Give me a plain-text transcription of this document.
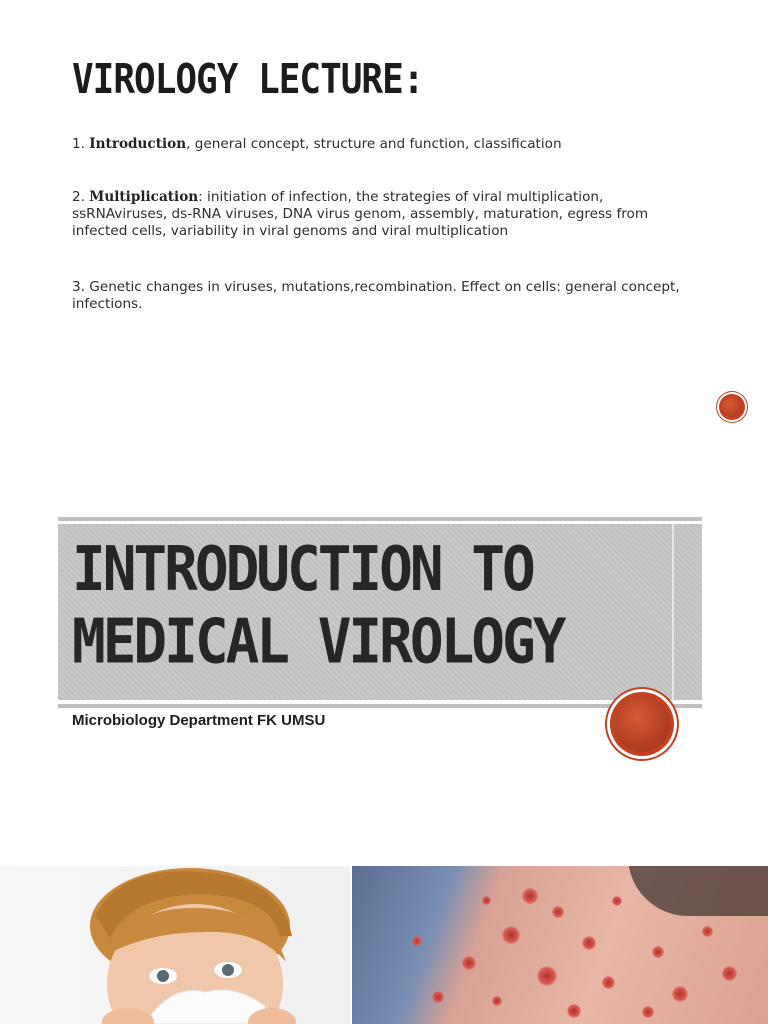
VIROLOGY LECTURE:
1. Introduction, general concept, structure and function, classification
2. Multiplication: initiation of infection, the strategies of viral multiplication, ssRNAviruses, ds-RNA viruses, DNA virus genom, assembly, maturation, egress from infected cells, variability in viral genoms and viral multiplication
3. Genetic changes in viruses, mutations,recombination. Effect on cells: general concept, infections.
INTRODUCTION TO
MEDICAL VIROLOGY
Microbiology Department FK UMSU
